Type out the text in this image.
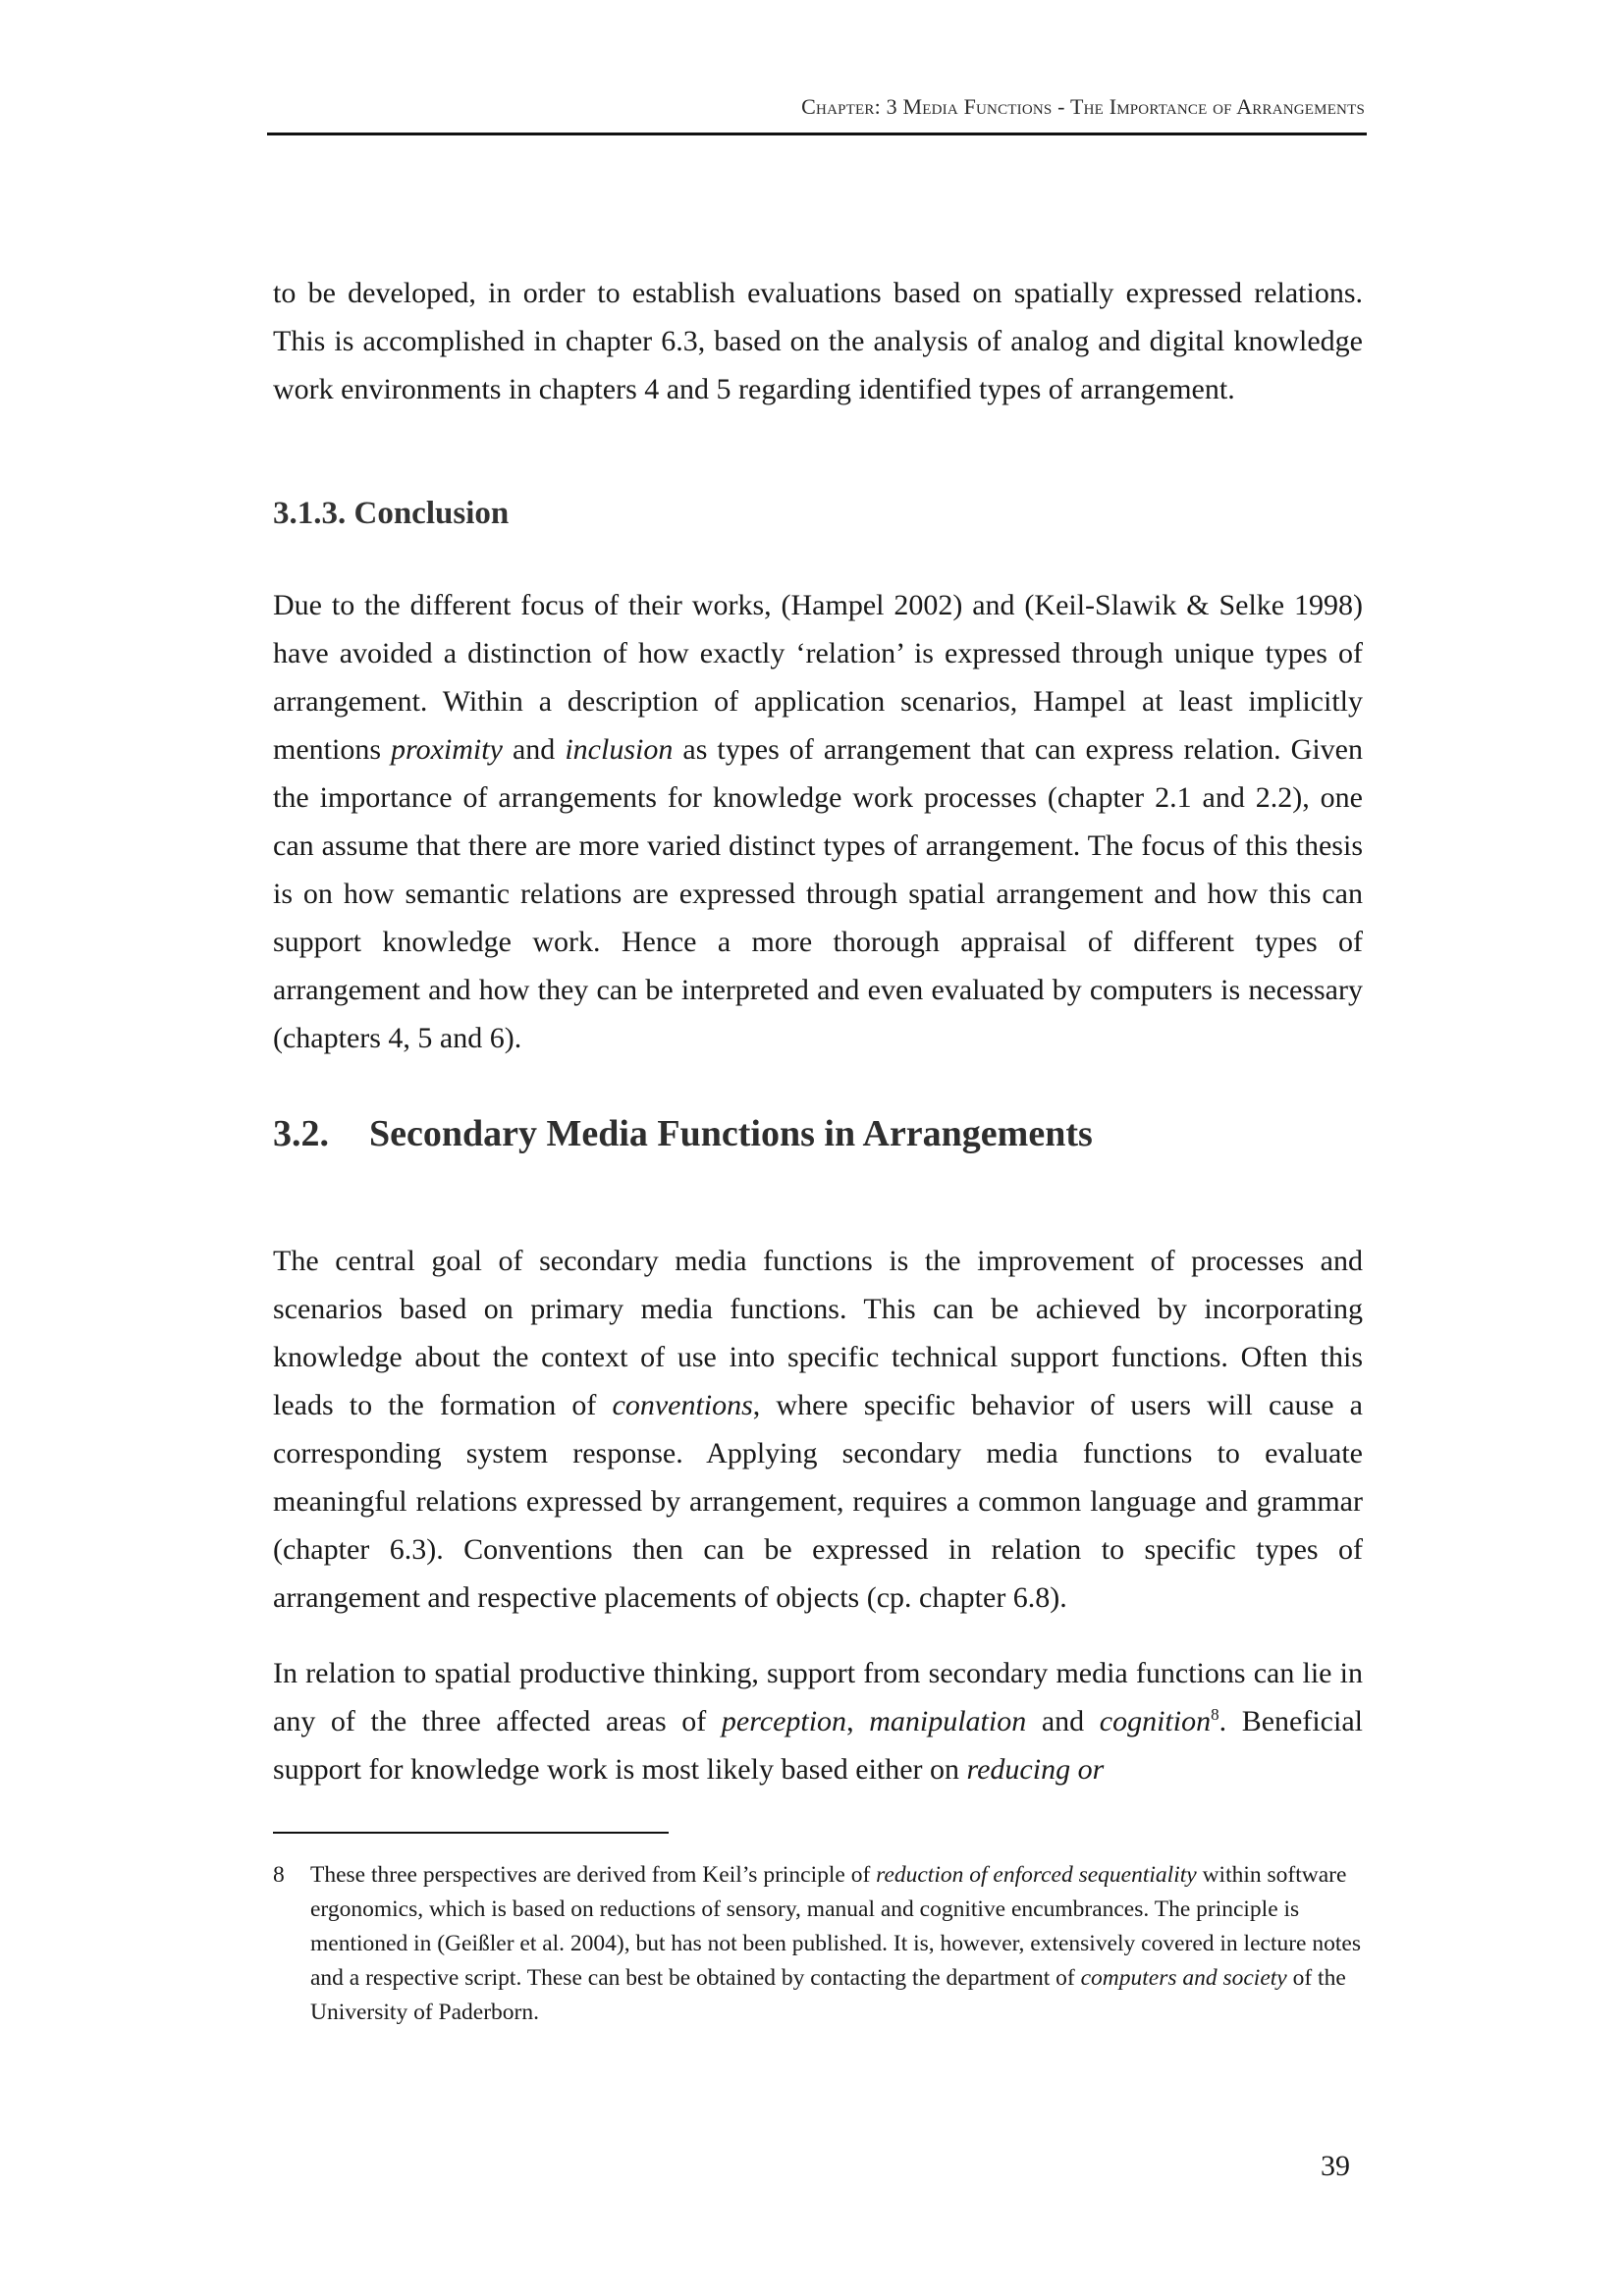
Chapter: 3 Media Functions - The Importance of Arrangements

to be developed, in order to establish evaluations based on spatially expressed relations. This is accomplished in chapter 6.3, based on the analysis of analog and digital knowledge work environments in chapters 4 and 5 regarding identified types of arrangement.

3.1.3. Conclusion

Due to the different focus of their works, (Hampel 2002) and (Keil-Slawik & Selke 1998) have avoided a distinction of how exactly ‘relation’ is expressed through unique types of arrangement. Within a description of application scenarios, Hampel at least implicitly mentions proximity and inclusion as types of arrangement that can express relation. Given the importance of arrangements for knowledge work processes (chapter 2.1 and 2.2), one can assume that there are more varied distinct types of arrangement. The focus of this thesis is on how semantic relations are expressed through spatial arrangement and how this can support knowledge work. Hence a more thorough appraisal of different types of arrangement and how they can be interpreted and even evaluated by computers is necessary (chapters 4, 5 and 6).

3.2. Secondary Media Functions in Arrangements

The central goal of secondary media functions is the improvement of processes and scenarios based on primary media functions. This can be achieved by incorporating knowledge about the context of use into specific technical support functions. Often this leads to the formation of conventions, where specific behavior of users will cause a corresponding system response. Applying secondary media functions to evaluate meaningful relations expressed by arrangement, requires a common language and grammar (chapter 6.3). Conventions then can be expressed in relation to specific types of arrangement and respective placements of objects (cp. chapter 6.8).

In relation to spatial productive thinking, support from secondary media functions can lie in any of the three affected areas of perception, manipulation and cognition$^8$. Beneficial support for knowledge work is most likely based either on reducing or

8 These three perspectives are derived from Keil’s principle of reduction of enforced sequentiality within software ergonomics, which is based on reductions of sensory, manual and cognitive encumbrances. The principle is mentioned in (Geißler et al. 2004), but has not been published. It is, however, extensively covered in lecture notes and a respective script. These can best be obtained by contacting the department of computers and society of the University of Paderborn.
39
